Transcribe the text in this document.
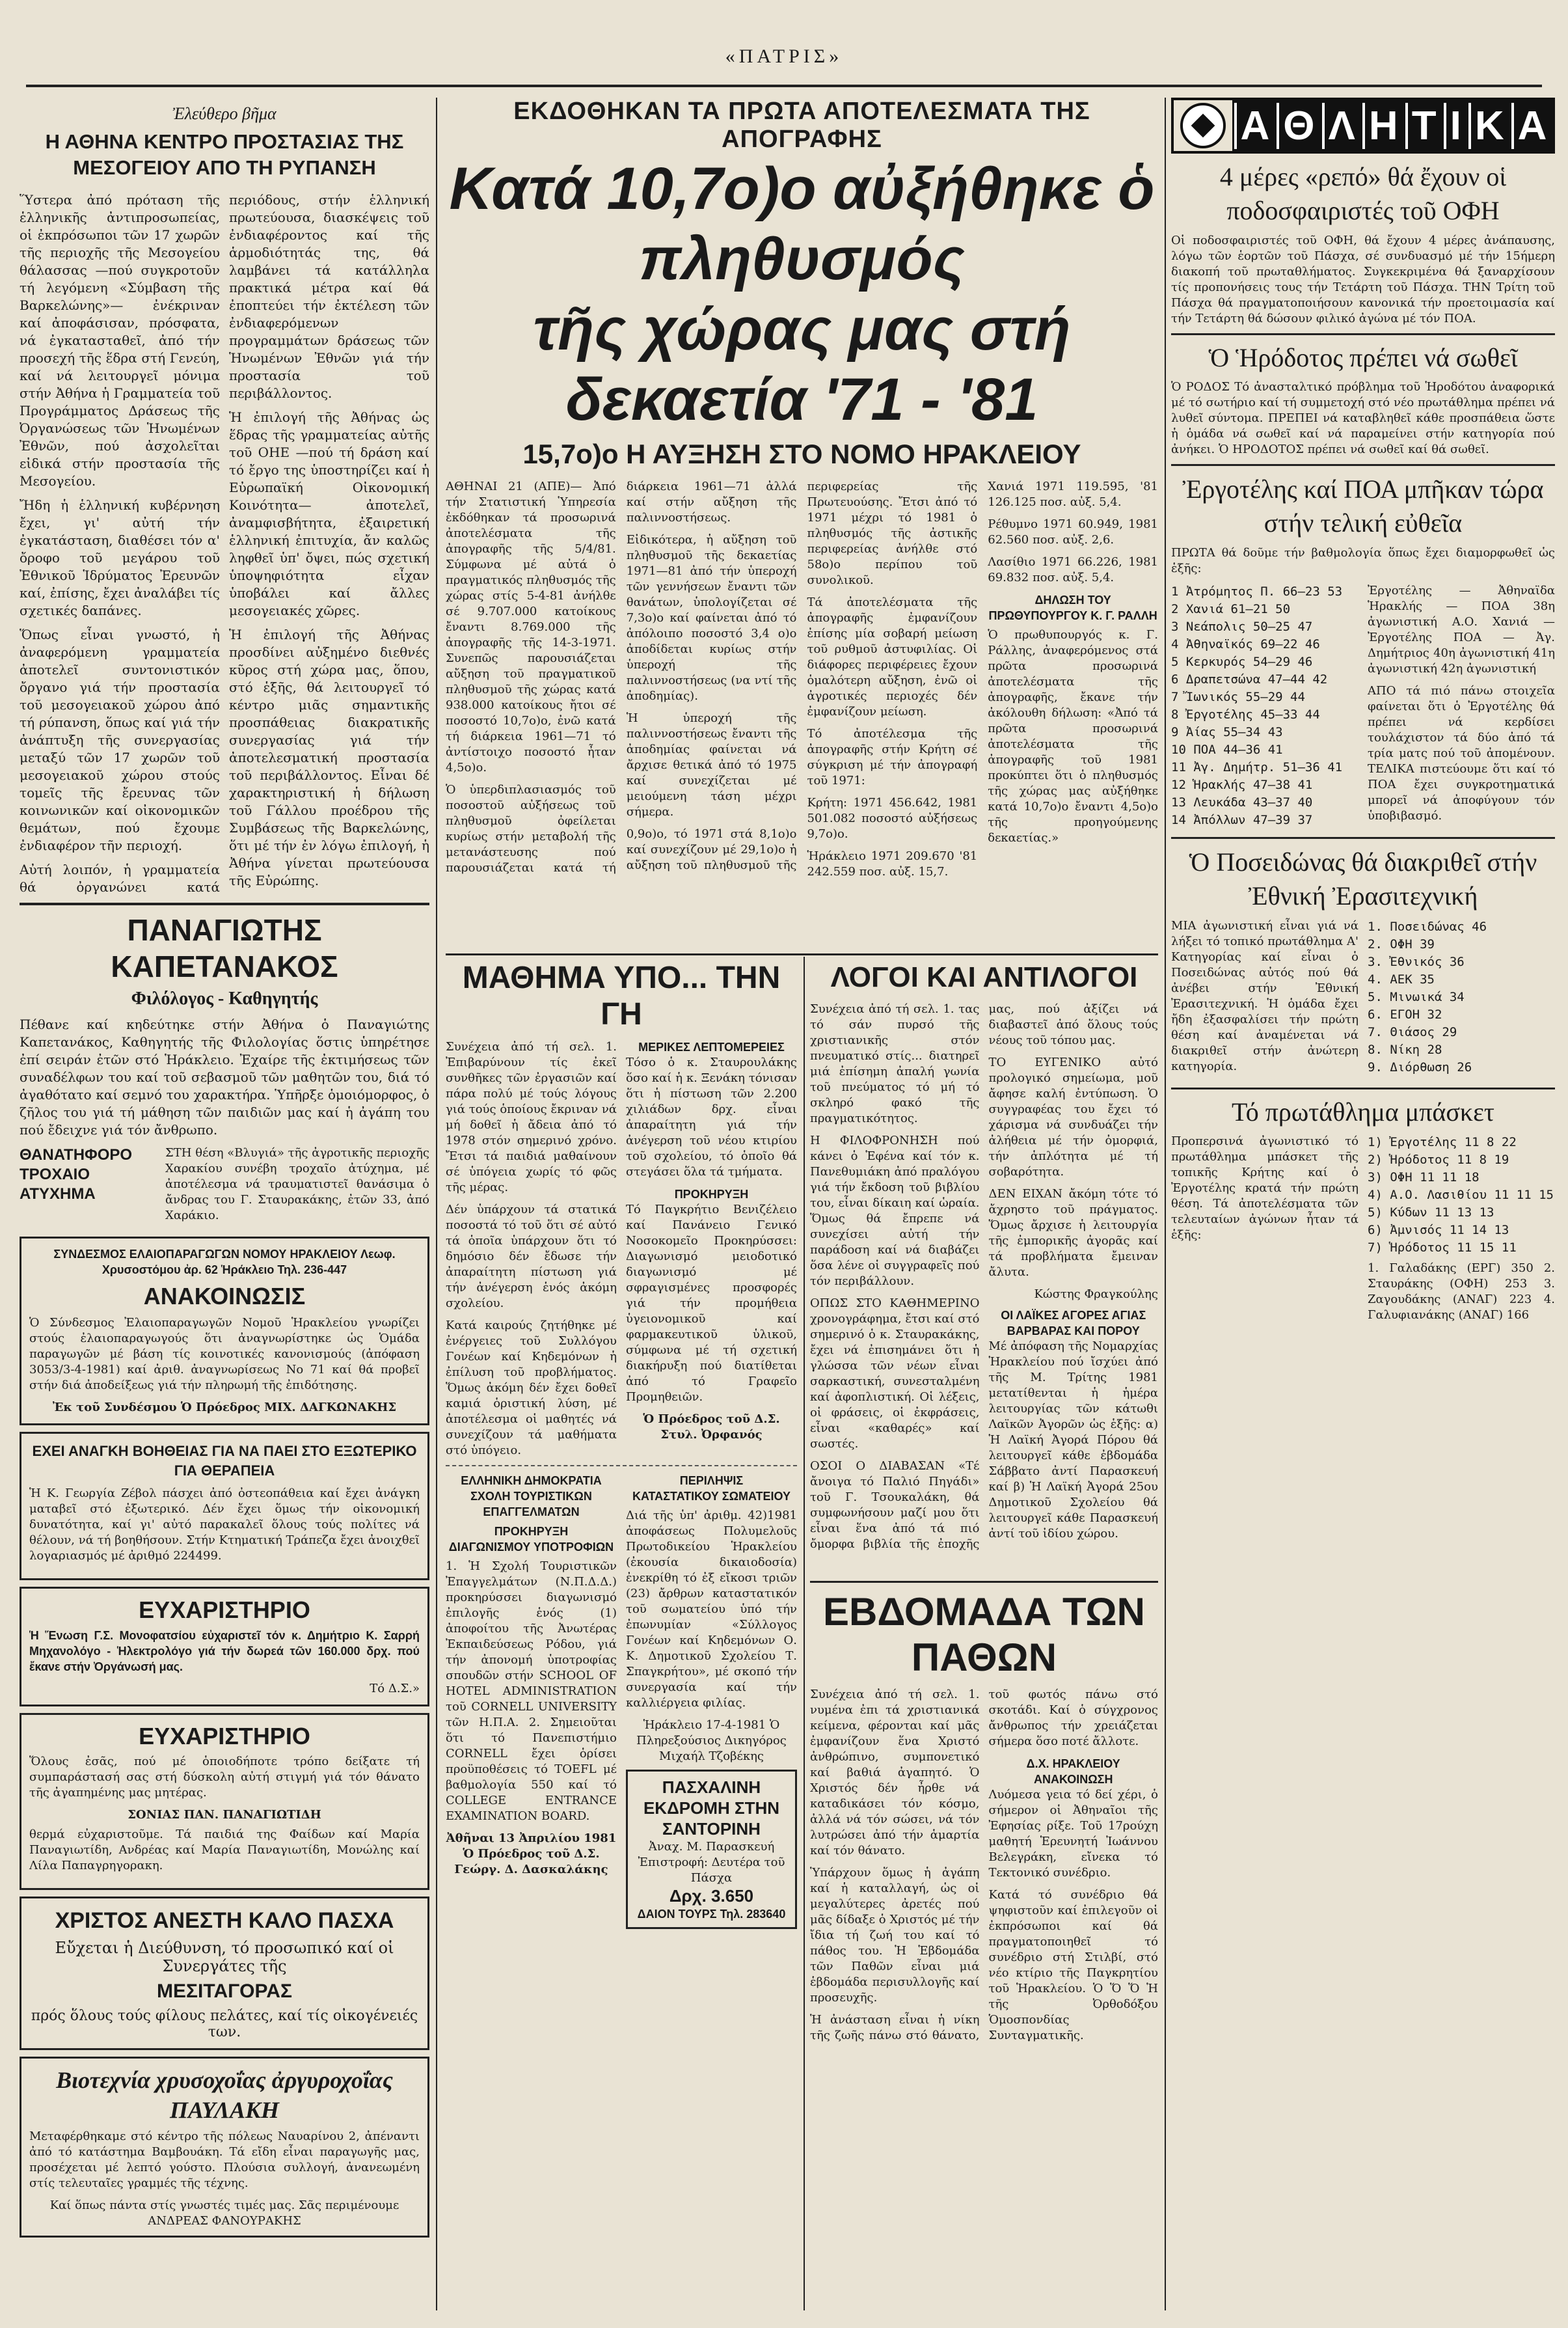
«ΠΑΤΡΙΣ»
Ἐλεύθερο βῆμα
Η ΑΘΗΝΑ ΚΕΝΤΡΟ ΠΡΟΣΤΑΣΙΑΣ ΤΗΣ ΜΕΣΟΓΕΙΟΥ ΑΠΟ ΤΗ ΡΥΠΑΝΣΗ

Ὕστερα ἀπό πρόταση τῆς ἑλληνικῆς ἀντιπροσωπείας, οἱ ἐκπρόσωποι τῶν 17 χωρῶν τῆς περιοχῆς τῆς Μεσογείου θάλασσας —πού συγκροτοῦν τή λεγόμενη «Σύμβαση τῆς Βαρκελώνης»— ἐνέκριναν καί ἀποφάσισαν, πρόσφατα, νά ἐγκατασταθεῖ, ἀπό τήν προσεχή τῆς ἕδρα στή Γενεύη, καί νά λειτουργεῖ μόνιμα στήν Ἀθήνα ἡ Γραμματεία τοῦ Προγράμματος Δράσεως τῆς Ὀργανώσεως τῶν Ἡνωμένων Ἐθνῶν, πού ἀσχολεῖται εἰδικά στήν προστασία τῆς Μεσογείου.

Ἤδη ἡ ἑλληνική κυβέρνηση ἔχει, γι' αὐτή τήν ἐγκατάσταση, διαθέσει τόν α' ὄροφο τοῦ μεγάρου τοῦ Ἐθνικοῦ Ἱδρύματος Ἐρευνῶν καί, ἐπίσης, ἔχει ἀναλάβει τίς σχετικές δαπάνες.

Ὅπως εἶναι γνωστό, ἡ ἀναφερόμενη γραμματεία ἀποτελεῖ συντονιστικόν ὄργανο γιά τήν προστασία τοῦ μεσογειακοῦ χώρου ἀπό τή ρύπανση, ὅπως καί γιά τήν ἀνάπτυξη τῆς συνεργασίας μεταξύ τῶν 17 χωρῶν τοῦ μεσογειακοῦ χώρου στούς τομεῖς τῆς ἔρευνας τῶν κοινωνικῶν καί οἰκονομικῶν θεμάτων, πού ἔχουμε ἐνδιαφέρον τῆν περιοχή.

Αὐτή λοιπόν, ἡ γραμματεία θά ὀργανώνει κατά περιόδους, στήν ἑλληνική πρωτεύουσα, διασκέψεις τοῦ ἐνδιαφέροντος καί τῆς ἁρμοδιότητάς της, θά λαμβάνει τά κατάλληλα πρακτικά μέτρα καί θά ἐποπτεύει τήν ἐκτέλεση τῶν ἐνδιαφερόμενων προγραμμάτων δράσεως τῶν Ἡνωμένων Ἐθνῶν γιά τήν προστασία τοῦ περιβάλλοντος.

Ἡ ἐπιλογή τῆς Ἀθήνας ὡς ἕδρας τῆς γραμματείας αὐτῆς τοῦ ΟΗΕ —πού τή δράση καί τό ἔργο της ὑποστηρίζει καί ἡ Εὐρωπαϊκή Οἰκονομική Κοινότητα— ἀποτελεῖ, ἀναμφισβήτητα, ἐξαιρετική ἑλληνική ἐπιτυχία, ἄν καλῶς ληφθεῖ ὑπ' ὄψει, πώς σχετική ὑποψηφιότητα εἶχαν ὑποβάλει καί ἄλλες μεσογειακές χῶρες.

Ἡ ἐπιλογή τῆς Ἀθήνας προσδίνει αὐξημένο διεθνές κῦρος στή χώρα μας, ὅπου, στό ἑξῆς, θά λειτουργεῖ τό κέντρο μιᾶς σημαντικῆς προσπάθειας διακρατικῆς συνεργασίας γιά τήν ἀποτελεσματική προστασία τοῦ περιβάλλοντος. Εἶναι δέ χαρακτηριστική ἡ δήλωση τοῦ Γάλλου προέδρου τῆς Συμβάσεως τῆς Βαρκελώνης, ὅτι μέ τήν ἐν λόγω ἐπιλογή, ἡ Ἀθήνα γίνεται πρωτεύουσα τῆς Εὐρώπης.

ΠΑΝΑΓΙΩΤΗΣ ΚΑΠΕΤΑΝΑΚΟΣ
Φιλόλογος - Καθηγητής

Πέθανε καί κηδεύτηκε στήν Ἀθήνα ὁ Παναγιώτης Καπετανάκος, Καθηγητής τῆς Φιλολογίας ὅστις ὑπηρέτησε ἐπί σειράν ἐτῶν στό Ἡράκλειο. Ἐχαίρε τῆς ἐκτιμήσεως τῶν συναδέλφων του καί τοῦ σεβασμοῦ τῶν μαθητῶν του, διά τό ἀγαθότατο καί σεμνό του χαρακτήρα. Ὑπῆρξε ὁμοιόμορφος, ὁ ζῆλος του γιά τή μάθηση τῶν παιδιῶν μας καί ἡ ἀγάπη του πού ἔδειχνε γιά τόν ἄνθρωπο.

ΘΑΝΑΤΗΦΟΡΟ ΤΡΟΧΑΙΟ ΑΤΥΧΗΜΑ

ΣΤΗ θέση «Βλυγιά» τῆς ἀγροτικῆς περιοχῆς Χαρακίου συνέβη τροχαῖο ἀτύχημα, μέ ἀποτέλεσμα νά τραυματιστεῖ θανάσιμα ὁ ἄνδρας του Γ. Σταυρακάκης, ἐτῶν 33, ἀπό Χαράκιο.

ΣΥΝΔΕΣΜΟΣ ΕΛΑΙΟΠΑΡΑΓΩΓΩΝ ΝΟΜΟΥ ΗΡΑΚΛΕΙΟΥ Λεωφ. Χρυσοστόμου ἀρ. 62 Ἡράκλειο Τηλ. 236-447
ΑΝΑΚΟΙΝΩΣΙΣ

Ὁ Σύνδεσμος Ἐλαιοπαραγωγῶν Νομοῦ Ἡρακλείου γνωρίζει στούς ἐλαιοπαραγωγούς ὅτι ἀναγνωρίστηκε ὡς Ὁμάδα παραγωγῶν μέ βάση τίς κοινοτικές κανονισμούς (ἀπόφαση 3053/3-4-1981) καί ἀριθ. ἀναγνωρίσεως Νο 71 καί θά προβεῖ στήν διά ἀποδείξεως γιά τήν πληρωμή τῆς ἐπιδότησης.

Ἐκ τοῦ Συνδέσμου Ὁ Πρόεδρος ΜΙΧ. ΔΑΓΚΩΝΑΚΗΣ
ΕΧΕΙ ΑΝΑΓΚΗ ΒΟΗΘΕΙΑΣ ΓΙΑ ΝΑ ΠΑΕΙ ΣΤΟ ΕΞΩΤΕΡΙΚΟ ΓΙΑ ΘΕΡΑΠΕΙΑ

Ἡ Κ. Γεωργία Ζέβολ πάσχει ἀπό ὀστεοπάθεια καί ἔχει ἀνάγκη ματαβεῖ στό ἐξωτερικό. Δέν ἔχει ὅμως τήν οἰκονομική δυνατότητα, καί γι' αὐτό παρακαλεῖ ὅλους τούς πολίτες νά θέλουν, νά τή βοηθήσουν. Στήν Κτηματική Τράπεζα ἔχει ἀνοιχθεῖ λογαριασμός μέ ἀριθμό 224499.

ΕΥΧΑΡΙΣΤΗΡΙΟ

Ἡ Ἕνωση Γ.Σ. Μονοφατσίου εὐχαριστεῖ τόν κ. Δημήτριο Κ. Σαρρή Μηχανολόγο - Ἡλεκτρολόγο γιά τήν δωρεά τῶν 160.000 δρχ. πού ἔκανε στήν Ὀργάνωσή μας.

Τό Δ.Σ.»
ΕΥΧΑΡΙΣΤΗΡΙΟ

Ὅλους ἐσᾶς, πού μέ ὁποιοδήποτε τρόπο δείξατε τή συμπαράστασή σας στή δύσκολη αὐτή στιγμή γιά τόν θάνατο τῆς ἀγαπημένης μας μητέρας.

ΣΟΝΙΑΣ ΠΑΝ. ΠΑΝΑΓΙΩΤΙΔΗ

θερμά εὐχαριστοῦμε. Τά παιδιά της Φαίδων καί Μαρία Παναγιωτίδη, Ανδρέας καί Μαρία Παναγιωτίδη, Μονώλης καί Λίλα Παπαγρηγορακη.

ΧΡΙΣΤΟΣ ΑΝΕΣΤΗ ΚΑΛΟ ΠΑΣΧΑ
Εὔχεται ἡ Διεύθυνση, τό προσωπικό καί οἱ Συνεργάτες τῆς
ΜΕΣΙΤΑΓΟΡΑΣ
πρός ὅλους τούς φίλους πελάτες, καί τίς οἰκογένειές των.
Βιοτεχνία χρυσοχοΐας ἀργυροχοΐας ΠΑΥΛΑΚΗ

Μεταφέρθηκαμε στό κέντρο τῆς πόλεως Ναυαρίνου 2, ἀπέναντι ἀπό τό κατάστημα Βαμβουάκη. Τά εἴδη εἶναι παραγωγῆς μας, προσέχεται μέ λεπτό γούστο. Πλούσια συλλογή, ἀνανεωμένη στίς τελευταῖες γραμμές τῆς τέχνης.

Καί ὅπως πάντα στίς γνωστές τιμές μας. Σᾶς περιμένουμε ΑΝΔΡΕΑΣ ΦΑΝΟΥΡΑΚΗΣ
ΕΚΔΟΘΗΚΑΝ ΤΑ ΠΡΩΤΑ ΑΠΟΤΕΛΕΣΜΑΤΑ ΤΗΣ ΑΠΟΓΡΑΦΗΣ
Κατά 10,7ο)ο αὐξήθηκε ὁ πληθυσμός
τῆς χώρας μας στή δεκαετία '71 - '81
15,7ο)ο Η ΑΥΞΗΣΗ ΣΤΟ ΝΟΜΟ ΗΡΑΚΛΕΙΟΥ

ΑΘΗΝΑΙ 21 (ΑΠΕ)— Ἀπό τήν Στατιστική Ὑπηρεσία ἐκδόθηκαν τά προσωρινά ἀποτελέσματα τῆς ἀπογραφῆς τῆς 5/4/81. Σύμφωνα μέ αὐτά ὁ πραγματικός πληθυσμός τῆς χώρας στίς 5-4-81 ἀνήλθε σέ 9.707.000 κατοίκους ἔναντι 8.769.000 τῆς ἀπογραφῆς τῆς 14-3-1971. Συνεπῶς παρουσιάζεται αὔξηση τοῦ πραγματικοῦ πληθυσμοῦ τῆς χώρας κατά 938.000 κατοίκους ἤτοι σέ ποσοστό 10,7ο)ο, ἐνῶ κατά τή διάρκεια 1961—71 τό ἀντίστοιχο ποσοστό ἦταν 4,5ο)ο.

Ὁ ὑπερδιπλασιασμός τοῦ ποσοστοῦ αὐξήσεως τοῦ πληθυσμοῦ ὀφείλεται κυρίως στήν μεταβολή τῆς μετανάστευσης πού παρουσιάζεται κατά τή διάρκεια 1961—71 ἀλλά καί στήν αὔξηση τῆς παλιννοστήσεως.

Εἰδικότερα, ἡ αὔξηση τοῦ πληθυσμοῦ τῆς δεκαετίας 1971—81 ἀπό τήν ὑπεροχή τῶν γεννήσεων ἔναντι τῶν θανάτων, ὑπολογίζεται σέ 7,3ο)ο καί φαίνεται ἀπό τό ἀπόλοιπο ποσοστό 3,4 ο)ο ἀποδίδεται κυρίως στήν ὑπεροχή τῆς παλιννοστήσεως (να ντί τῆς ἀποδημίας).

Ἡ ὑπεροχή τῆς παλιννοστήσεως ἔναντι τῆς ἀποδημίας φαίνεται νά ἄρχισε θετικά ἀπό τό 1975 καί συνεχίζεται μέ μειούμενη τάση μέχρι σήμερα.

0,9ο)ο, τό 1971 στά 8,1ο)ο καί συνεχίζουν μέ 29,1ο)ο ἡ αὔξηση τοῦ πληθυσμοῦ τῆς περιφερείας τῆς Πρωτευούσης. Ἔτσι ἀπό τό 1971 μέχρι τό 1981 ὁ πληθυσμός τῆς ἀστικῆς περιφερείας ἀνήλθε στό 58ο)ο περίπου τοῦ συνολικοῦ.

Τά ἀποτελέσματα τῆς ἀπογραφῆς ἐμφανίζουν ἐπίσης μία σοβαρή μείωση τοῦ ρυθμοῦ ἀστυφιλίας. Οἱ διάφορες περιφέρειες ἔχουν ὁμαλότερη αὔξηση, ἐνῶ οἱ ἀγροτικές περιοχές δέν ἐμφανίζουν μείωση.

Τό ἀποτέλεσμα τῆς ἀπογραφῆς στήν Κρήτη σέ σύγκριση μέ τήν ἀπογραφή τοῦ 1971:

Κρήτη: 1971 456.642, 1981 501.082 ποσοστό αὐξήσεως 9,7ο)ο.

Ἡράκλειο 1971 209.670 '81 242.559 ποσ. αὐξ. 15,7.

Χανιά 1971 119.595, '81 126.125 ποσ. αὐξ. 5,4.

Ρέθυμνο 1971 60.949, 1981 62.560 ποσ. αὐξ. 2,6.

Λασίθιο 1971 66.226, 1981 69.832 ποσ. αὐξ. 5,4.

ΔΗΛΩΣΗ ΤΟΥ ΠΡΩΘΥΠΟΥΡΓΟΥ Κ. Γ. ΡΑΛΛΗ

Ὁ πρωθυπουργός κ. Γ. Ράλλης, ἀναφερόμενος στά πρῶτα προσωρινά ἀποτελέσματα τῆς ἀπογραφῆς, ἔκανε τήν ἀκόλουθη δήλωση: «Ἀπό τά πρῶτα προσωρινά ἀποτελέσματα τῆς ἀπογραφῆς τοῦ 1981 προκύπτει ὅτι ὁ πληθυσμός τῆς χώρας μας αὐξήθηκε κατά 10,7ο)ο ἔναντι 4,5ο)ο τῆς προηγούμενης δεκαετίας.»

ΜΑΘΗΜΑ ΥΠΟ... ΤΗΝ ΓΗ

Συνέχεια ἀπό τή σελ. 1. Ἐπιβαρύνουν τίς ἐκεῖ συνθῆκες τῶν ἐργασιῶν καί πάρα πολύ μέ τούς λόγους γιά τούς ὁποίους ἔκριναν νά μή δοθεῖ ἡ ἄδεια ἀπό τό 1978 στόν σημερινό χρόνο. Ἔτσι τά παιδιά μαθαίνουν σέ ὑπόγεια χωρίς τό φῶς τῆς μέρας.

Δέν ὑπάρχουν τά στατικά ποσοστά τό τοῦ ὅτι σέ αὐτό τά ὁποῖα ὑπάρχουν ὅτι τό δημόσιο δέν ἔδωσε τήν ἀπαραίτητη πίστωση γιά τήν ἀνέγερση ἑνός ἀκόμη σχολείου.

Κατά καιρούς ζητήθηκε μέ ἐνέργειες τοῦ Συλλόγου Γονέων καί Κηδεμόνων ἡ ἐπίλυση τοῦ προβλήματος. Ὅμως ἀκόμη δέν ἔχει δοθεῖ καμιά ὁριστική λύση, μέ ἀποτέλεσμα οἱ μαθητές νά συνεχίζουν τά μαθήματα στό ὑπόγειο.

ΜΕΡΙΚΕΣ ΛΕΠΤΟΜΕΡΕΙΕΣ

Τόσο ὁ κ. Σταυρουλάκης ὅσο καί ἡ κ. Ξενάκη τόνισαν ὅτι ἡ πίστωση τῶν 2.200 χιλιάδων δρχ. εἶναι ἀπαραίτητη γιά τήν ἀνέγερση τοῦ νέου κτιρίου τοῦ σχολείου, τό ὁποῖο θά στεγάσει ὅλα τά τμήματα.

ΠΡΟΚΗΡΥΞΗ

Τό Παγκρήτιο Βενιζέλειο καί Πανάνειο Γενικό Νοσοκομεῖο Προκηρύσσει: Διαγωνισμό μειοδοτικό διαγωνισμό μέ σφραγισμένες προσφορές γιά τήν προμήθεια ὑγειονομικοῦ καί φαρμακευτικοῦ ὑλικοῦ, σύμφωνα μέ τή σχετική διακήρυξη πού διατίθεται ἀπό τό Γραφεῖο Προμηθειῶν.

Ὁ Πρόεδρος τοῦ Δ.Σ. Στυλ. Ὀρφανός
ΕΛΛΗΝΙΚΗ ΔΗΜΟΚΡΑΤΙΑ ΣΧΟΛΗ ΤΟΥΡΙΣΤΙΚΩΝ ΕΠΑΓΓΕΛΜΑΤΩΝ
ΠΡΟΚΗΡΥΞΗ
ΔΙΑΓΩΝΙΣΜΟΥ ΥΠΟΤΡΟΦΙΩΝ

1. Ἡ Σχολή Τουριστικῶν Ἐπαγγελμάτων (Ν.Π.Δ.Δ.) προκηρύσσει διαγωνισμό ἐπιλογῆς ἑνός (1) ἀποφοίτου τῆς Ἀνωτέρας Ἐκπαιδεύσεως Ρόδου, γιά τήν ἀπονομή ὑποτροφίας σπουδῶν στήν SCHOOL OF HOTEL ADMINISTRATION τοῦ CORNELL UNIVERSITY τῶν Η.Π.Α. 2. Σημειοῦται ὅτι τό Πανεπιστήμιο CORNELL ἔχει ὁρίσει προϋποθέσεις τό TOEFL μέ βαθμολογία 550 καί τό COLLEGE ENTRANCE EXAMINATION BOARD.

Ἀθῆναι 13 Ἀπριλίου 1981 Ὁ Πρόεδρος τοῦ Δ.Σ. Γεώργ. Δ. Δασκαλάκης
ΠΕΡΙΛΗΨΙΣ
ΚΑΤΑΣΤΑΤΙΚΟΥ ΣΩΜΑΤΕΙΟΥ

Διά τῆς ὑπ' ἀριθμ. 42)1981 ἀποφάσεως Πολυμελοῦς Πρωτοδικείου Ἡρακλείου (ἐκουσία δικαιοδοσία) ἐνεκρίθη τό ἐξ εἴκοσι τριῶν (23) ἄρθρων καταστατικόν τοῦ σωματείου ὑπό τήν ἐπωνυμίαν «Σύλλογος Γονέων καί Κηδεμόνων Ο. Κ. Δημοτικοῦ Σχολείου Τ. Σπαγκρήτου», μέ σκοπό τήν συνεργασία καί τήν καλλιέργεια φιλίας.

Ἡράκλειο 17-4-1981 Ὁ Πληρεξούσιος Δικηγόρος Μιχαήλ Τζοβέκης
ΠΑΣΧΑΛΙΝΗ ΕΚΔΡΟΜΗ ΣΤΗΝ ΣΑΝΤΟΡΙΝΗ
Ἀναχ. Μ. Παρασκευή Ἐπιστροφή: Δευτέρα τοῦ Πάσχα
Δρχ. 3.650
ΔΑΙΟΝ ΤΟΥΡΣ Τηλ. 283640
ΛΟΓΟΙ ΚΑΙ ΑΝΤΙΛΟΓΟΙ

Συνέχεια ἀπό τή σελ. 1. τας τό σάν πυρσό τῆς χριστιανικῆς στόν πνευματικό στίς... διατηρεῖ μιά ἐπίσημη ἀπαλή γωνία τοῦ πνεύματος τό μή τό σκληρό φακό τῆς πραγματικότητος.

Η ΦΙΛΟΦΡΟΝΗΣΗ πού κάνει ὁ Ἑφένα καί τόν κ. Πανεθυμιάκη ἀπό πραλόγου γιά τήν ἔκδοση τοῦ βιβλίου του, εἶναι δίκαιη καί ὡραία. Ὅμως θά ἔπρεπε νά συνεχίσει αὐτή τήν παράδοση καί νά διαβάζει ὅσα λένε οἱ συγγραφεῖς πού τόν περιβάλλουν.

ΟΠΩΣ ΣΤΟ ΚΑΘΗΜΕΡΙΝΟ χρονογράφημα, ἔτσι καί στό σημερινό ὁ κ. Σταυρακάκης, ἔχει νά ἐπισημάνει ὅτι ἡ γλώσσα τῶν νέων εἶναι σαρκαστική, συνεσταλμένη καί ἀφοπλιστική. Οἱ λέξεις, οἱ φράσεις, οἱ ἐκφράσεις, εἶναι «καθαρές» καί σωστές.

ΟΣΟΙ Ο ΔΙΑΒΑΣΑΝ «Τέ ἄνοιγα τό Παλιό Πηγάδι» τοῦ Γ. Τσουκαλάκη, θά συμφωνήσουν μαζί μου ὅτι εἶναι ἕνα ἀπό τά πιό ὄμορφα βιβλία τῆς ἐποχῆς μας, πού ἀξίζει νά διαβαστεῖ ἀπό ὅλους τούς νέους τοῦ τόπου μας.

ΤΟ ΕΥΓΕΝΙΚΟ αὐτό προλογικό σημείωμα, μοῦ ἄφησε καλή ἐντύπωση. Ὁ συγγραφέας του ἔχει τό χάρισμα νά συνδυάζει τήν ἀλήθεια μέ τήν ὀμορφιά, τήν ἁπλότητα μέ τή σοβαρότητα.

ΔΕΝ ΕΙΧΑΝ ἄκόμη τότε τό ἄχρηστο τοῦ πράγματος. Ὅμως ἄρχισε ἡ λειτουργία τῆς ἐμπορικῆς ἀγορᾶς καί τά προβλήματα ἔμειναν ἄλυτα.

Κώστης Φραγκούλης
ΟΙ ΛΑΪΚΕΣ ΑΓΟΡΕΣ ΑΓΙΑΣ ΒΑΡΒΑΡΑΣ ΚΑΙ ΠΟΡΟΥ

Μέ ἀπόφαση τῆς Νομαρχίας Ἡρακλείου πού ἴσχύει ἀπό τῆς Μ. Τρίτης 1981 μετατίθενται ἡ ἡμέρα λειτουργίας τῶν κάτωθι Λαϊκῶν Ἀγορῶν ὡς ἑξῆς: α) Ἡ Λαϊκή Ἀγορά Πόρου θά λειτουργεῖ κάθε ἐβδομάδα Σάββατο ἀντί Παρασκευή καί β) Ἡ Λαϊκή Ἀγορά 25ου Δημοτικοῦ Σχολείου θά λειτουργεῖ κάθε Παρασκευή ἀντί τοῦ ἰδίου χώρου.

ΕΒΔΟΜΑΔΑ ΤΩΝ ΠΑΘΩΝ

Συνέχεια ἀπό τή σελ. 1. νυμένα ἐπι τά χριστιανικά κείμενα, φέρονται καί μᾶς ἐμφανίζουν ἕνα Χριστό ἀνθρώπινο, συμπονετικό καί βαθιά ἀγαπητό. Ὁ Χριστός δέν ἦρθε νά καταδικάσει τόν κόσμο, ἀλλά νά τόν σώσει, νά τόν λυτρώσει ἀπό τήν ἁμαρτία καί τόν θάνατο.

Ὑπάρχουν ὅμως ἡ ἀγάπη καί ἡ καταλλαγή, ὡς οἱ μεγαλύτερες ἀρετές πού μᾶς δίδαξε ὁ Χριστός μέ τήν ἴδια τή ζωή του καί τό πάθος του. Ἡ Ἑβδομάδα τῶν Παθῶν εἶναι μιά ἑβδομάδα περισυλλογῆς καί προσευχῆς.

Ἡ ἀνάσταση εἶναι ἡ νίκη τῆς ζωῆς πάνω στό θάνατο, τοῦ φωτός πάνω στό σκοτάδι. Καί ὁ σύγχρονος ἄνθρωπος τήν χρειάζεται σήμερα ὅσο ποτέ ἄλλοτε.

Δ.Χ. ΗΡΑΚΛΕΙΟΥ
ΑΝΑΚΟΙΝΩΣΗ

Λυόμεσα γεια τό δεί χέρι, ὁ σήμερον οἱ Ἀθηναῖοι τῆς Ἐφησίας ρίξε. Τοῦ 17ρούχη μαθητή Ἑρευνητή Ἰωάννου Βελεγράκη, εἴνεκα τό Τεκτονικό συνέδριο.

Κατά τό συνέδριο θά ψηφιστοῦν καί ἐπιλεγοῦν οἱ ἐκπρόσωποι καί θά πραγματοποιηθεῖ τό συνέδριο στή Στιλβί, στό νέο κτίριο τῆς Παγκρητίου τοῦ Ἡρακλείου. Ὁ Ὅ Ὅ Ἡ τῆς Ὀρθοδόξου Ὁμοσπονδίας Συνταγματικῆς.

Α Θ Λ Η Τ Ι Κ Α
4 μέρες «ρεπό» θά ἔχουν οἱ ποδοσφαιριστές τοῦ ΟΦΗ

Οἱ ποδοσφαιριστές τοῦ ΟΦΗ, θά ἔχουν 4 μέρες ἀνάπαυσης, λόγω τῶν ἑορτῶν τοῦ Πάσχα, σέ συνδυασμό μέ τήν 15ήμερη διακοπή τοῦ πρωταθλήματος. Συγκεκριμένα θά ξαναρχίσουν τίς προπονήσεις τους τήν Τετάρτη τοῦ Πάσχα. ΤΗΝ Τρίτη τοῦ Πάσχα θά πραγματοποιήσουν κανονικά τήν προετοιμασία καί τήν Τετάρτη θά δώσουν φιλικό ἀγώνα μέ τόν ΠΟΑ.

Ὁ Ἡρόδοτος πρέπει νά σωθεῖ

Ὁ ΡΟΔΟΣ Τό ἀνασταλτικό πρόβλημα τοῦ Ἡροδότου ἀναφορικά μέ τό σωτήριο καί τή συμμετοχή στό νέο πρωτάθλημα πρέπει νά λυθεῖ σύντομα. ΠΡΕΠΕΙ νά καταβληθεῖ κάθε προσπάθεια ὥστε ἡ ὁμάδα νά σωθεῖ καί νά παραμείνει στήν κατηγορία πού ἀνήκει. Ὁ ΗΡΟΔΟΤΟΣ πρέπει νά σωθεῖ καί θά σωθεῖ.

Ἐργοτέλης καί ΠΟΑ μπῆκαν τώρα στήν τελική εὐθεῖα

ΠΡΩΤΑ θά δοῦμε τήν βαθμολογία ὅπως ἔχει διαμορφωθεῖ ὡς ἑξῆς:

1 Ἀτρόμητος Π. 66—23 53
2 Χανιά 61—21 50
3 Νεάπολις 50—25 47
4 Ἀθηναϊκός 69—22 46
5 Κερκυρός 54—29 46
6 Δραπετσώνα 47—44 42
7 Ἴωνικός 55—29 44
8 Ἐργοτέλης 45—33 44
9 Ἀίας 55—34 43
10 ΠΟΑ 44—36 41
11 Ἀγ. Δημήτρ. 51—36 41
12 Ἡρακλής 47—38 41
13 Λευκάδα 43—37 40
14 Ἀπόλλων 47—39 37

Ἐργοτέλης — Ἀθηναϊδα Ἡρακλής — ΠΟΑ 38η ἀγωνιστική Α.Ο. Χανιά — Ἐργοτέλης ΠΟΑ — Ἀγ. Δημήτριος 40η ἀγωνιστική 41η ἀγωνιστική 42η ἀγωνιστική

ΑΠΟ τά πιό πάνω στοιχεῖα φαίνεται ὅτι ὁ Ἐργοτέλης θά πρέπει νά κερδίσει τουλάχιστον τά δύο ἀπό τά τρία ματς πού τοῦ ἀπομένουν. ΤΕΛΙΚΑ πιστεύουμε ὅτι καί τό ΠΟΑ ἔχει συγκροτηματικά μπορεῖ νά ἀποφύγουν τόν ὑποβιβασμό.

Ὁ Ποσειδώνας θά διακριθεῖ στήν Ἐθνική Ἐρασιτεχνική

ΜΙΑ ἀγωνιστική εἶναι γιά νά λήξει τό τοπικό πρωτάθλημα Α' Κατηγορίας καί εἶναι ὁ Ποσειδώνας αὐτός πού θά ἀνέβει στήν Ἐθνική Ἐρασιτεχνική. Ἡ ὁμάδα ἔχει ἤδη ἐξασφαλίσει τήν πρώτη θέση καί ἀναμένεται νά διακριθεῖ στήν ἀνώτερη κατηγορία.

1. Ποσειδώνας 46
2. ΟΦΗ 39
3. Ἐθνικός 36
4. ΑΕΚ 35
5. Μινωικά 34
6. ΕΓΟΗ 32
7. Θιάσος 29
8. Νίκη 28
9. Διόρθωση 26
Τό πρωτάθλημα μπάσκετ

Προπερσινά ἀγωνιστικό τό πρωτάθλημα μπάσκετ τῆς τοπικῆς Κρήτης καί ὁ Ἐργοτέλης κρατά τήν πρώτη θέση. Τά ἀποτελέσματα τῶν τελευταίων ἀγώνων ἦταν τά ἑξῆς:

1) Ἐργοτέλης 11 8 22
2) Ἡρόδοτος 11 8 19
3) ΟΦΗ 11 11 18
4) Α.Ο. Λασιθίου 11 11 15
5) Κύδων 11 13 13
6) Ἀμνισός 11 14 13
7) Ἡρόδοτος 11 15 11

1. Γαλαδάκης (ΕΡΓ) 350 2. Σταυράκης (ΟΦΗ) 253 3. Ζαγουδάκης (ΑΝΑΓ) 223 4. Γαλυφιανάκης (ΑΝΑΓ) 166
